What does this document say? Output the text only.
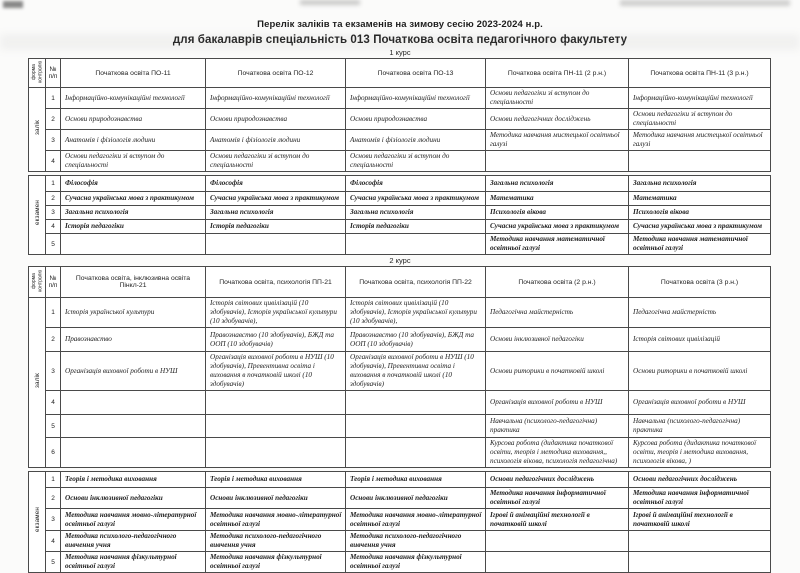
Перелік заліків та екзаменів на зимову сесію 2023-2024 н.р.
для бакалаврів спеціальність 013 Початкова освіта педагогічного факультету
1 курс
форма контролю	№ п/п	Початкова освіта ПО-11	Початкова освіта ПО-12	Початкова освіта ПО-13	Початкова освіта ПН-11 (2 р.н.)	Початкова освіта ПН-11 (3 р.н.)
залік	1	Інформаційно-комунікаційні технології	Інформаційно-комунікаційні технології	Інформаційно-комунікаційні технології	Основи педагогіки зі вступом до спеціальності	Інформаційно-комунікаційні технології
	2	Основи природознавства	Основи природознавства	Основи природознавства	Основи педагогічних досліджень	Основи педагогіки зі вступом до спеціальності
	3	Анатомія і фізіологія людини	Анатомія і фізіологія людини	Анатомія і фізіологія людини	Методика навчання мистецької освітньої галузі	Методика навчання мистецької освітньої галузі
	4	Основи педагогіки зі вступом до спеціальності	Основи педагогіки зі вступом до спеціальності	Основи педагогіки зі вступом до спеціальності		
екзамен	1	Філософія	Філософія	Філософія	Загальна психологія	Загальна психологія
	2	Сучасна українська мова з практикумом	Сучасна українська мова з практикумом	Сучасна українська мова з практикумом	Математика	Математика
	3	Загальна психологія	Загальна психологія	Загальна психологія	Психологія вікова	Психологія вікова
	4	Історія педагогіки	Історія педагогіки	Історія педагогіки	Сучасна українська мова з практикумом	Сучасна українська мова з практикумом
	5				Методика навчання математичної освітньої галузі	Методика навчання математичної освітньої галузі
2 курс
форма контролю	№ п/п	Початкова освіта, інклюзивна освіта Пінкл-21	Початкова освіта, психологія ПП-21	Початкова освіта, психологія ПП-22	Початкова освіта (2 р.н.)	Початкова освіта (3 р.н.)
залік	1	Історія української культури	Історія світових цивілізацій (10 здобувачів), Історія української культури (10 здобувачів),	Історія світових цивілізацій (10 здобувачів), Історія української культури (10 здобувачів),	Педагогічна майстерність	Педагогічна майстерність
	2	Правознавство	Правознавство (10 здобувачів), БЖД та ООП (10 здобувачів)	Правознавство (10 здобувачів), БЖД та ООП (10 здобувачів)	Основи інклюзивної педагогіки	Історія світових цивілізацій
	3	Організація виховної роботи в НУШ	Організація виховної роботи в НУШ (10 здобувачів), Превентивна освіта і виховання в початковій школі (10 здобувачів)	Організація виховної роботи в НУШ (10 здобувачів), Превентивна освіта і виховання в початковій школі (10 здобувачів)	Основи риторики в початковій школі	Основи риторики в початковій школі
	4				Організація виховної роботи в НУШ	Організація виховної роботи в НУШ
	5				Навчальна (психолого-педагогічна) практика	Навчальна (психолого-педагогічна) практика
	6				Курсова робота (дидактика початкової освіти, теорія і методика виховання,, психологія вікова, психологія педагогічна)	Курсова робота (дидактика початкової освіти, теорія і методика виховання, психологія вікова, )
екзамен	1	Теорія і методика виховання	Теорія і методика виховання	Теорія і методика виховання	Основи педагогічних досліджень	Основи педагогічних досліджень
	2	Основи інклюзивної педагогіки	Основи інклюзивної педагогіки	Основи інклюзивної педагогіки	Методика навчання інформатичної освітньої галузі	Методика навчання інформатичної освітньої галузі
	3	Методика навчання мовно-літературної освітньої галузі	Методика навчання мовно-літературної освітньої галузі	Методика навчання мовно-літературної освітньої галузі	Ігрові й анімаційні технології в початковій школі	Ігрові й анімаційні технології в початковій школі
	4	Методика психолого-педагогічного вивчення учня	Методика психолого-педагогічного вивчення учня	Методика психолого-педагогічного вивчення учня		
	5	Методика навчання фізкультурної освітньої галузі	Методика навчання фізкультурної освітньої галузі	Методика навчання фізкультурної освітньої галузі		
